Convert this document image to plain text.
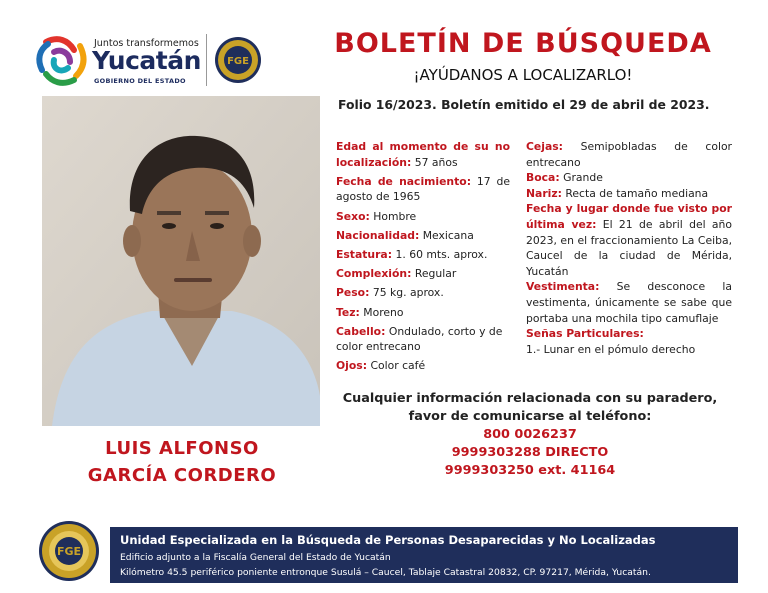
Juntos transformemos
Yucatán
GOBIERNO DEL ESTADO
FGE
BOLETÍN DE BÚSQUEDA
¡AYÚDANOS A LOCALIZARLO!
Folio 16/2023. Boletín emitido el 29 de abril de 2023.
LUIS ALFONSO
GARCÍA CORDERO

Edad al momento de su no localización: 57 años

Fecha de nacimiento: 17 de agosto de 1965

Sexo: Hombre

Nacionalidad: Mexicana

Estatura: 1. 60 mts. aprox.

Complexión: Regular

Peso: 75 kg. aprox.

Tez: Moreno

Cabello: Ondulado, corto y de color entrecano

Ojos: Color café

Cejas: Semipobladas de color entrecano

Boca: Grande

Nariz: Recta de tamaño mediana

Fecha y lugar donde fue visto por última vez: El 21 de abril del año 2023, en el fraccionamiento La Ceiba, Caucel de la ciudad de Mérida, Yucatán

Vestimenta: Se desconoce la vestimenta, únicamente se sabe que portaba una mochila tipo camuflaje

Señas Particulares:

1.- Lunar en el pómulo derecho

Cualquier información relacionada con su paradero,
favor de comunicarse al teléfono:
800 0026237
9999303288 DIRECTO
9999303250 ext. 41164
FGE
Unidad Especializada en la Búsqueda de Personas Desaparecidas y No Localizadas
Edificio adjunto a la Fiscalía General del Estado de Yucatán
Kilómetro 45.5 periférico poniente entronque Susulá – Caucel, Tablaje Catastral 20832, CP. 97217, Mérida, Yucatán.
